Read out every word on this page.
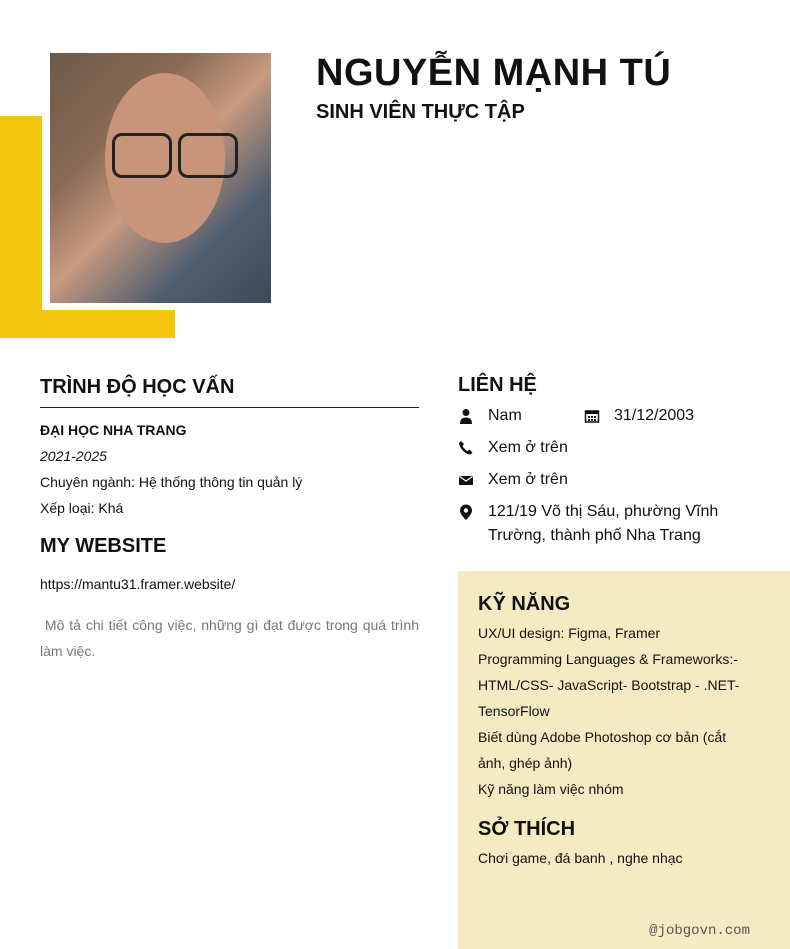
NGUYỄN MẠNH TÚ
SINH VIÊN THỰC TẬP
TRÌNH ĐỘ HỌC VẤN
ĐẠI HỌC NHA TRANG
2021-2025
Chuyên ngành: Hệ thống thông tin quản lý
Xếp loại: Khá
MY WEBSITE
https://mantu31.framer.website/
Mô tả chi tiết công việc, những gì đạt được trong quá trình làm việc.
LIÊN HỆ
Nam	31/12/2003
Xem ở trên
Xem ở trên
121/19 Võ thị Sáu, phường Vĩnh Trường, thành phố Nha Trang
KỸ NĂNG
UX/UI design: Figma, Framer
Programming Languages & Frameworks:- HTML/CSS- JavaScript- Bootstrap - .NET- TensorFlow
Biết dùng Adobe Photoshop cơ bản (cắt ảnh, ghép ảnh)
Kỹ năng làm việc nhóm
SỞ THÍCH
Chơi game, đá banh , nghe nhạc
@jobgovn.com
